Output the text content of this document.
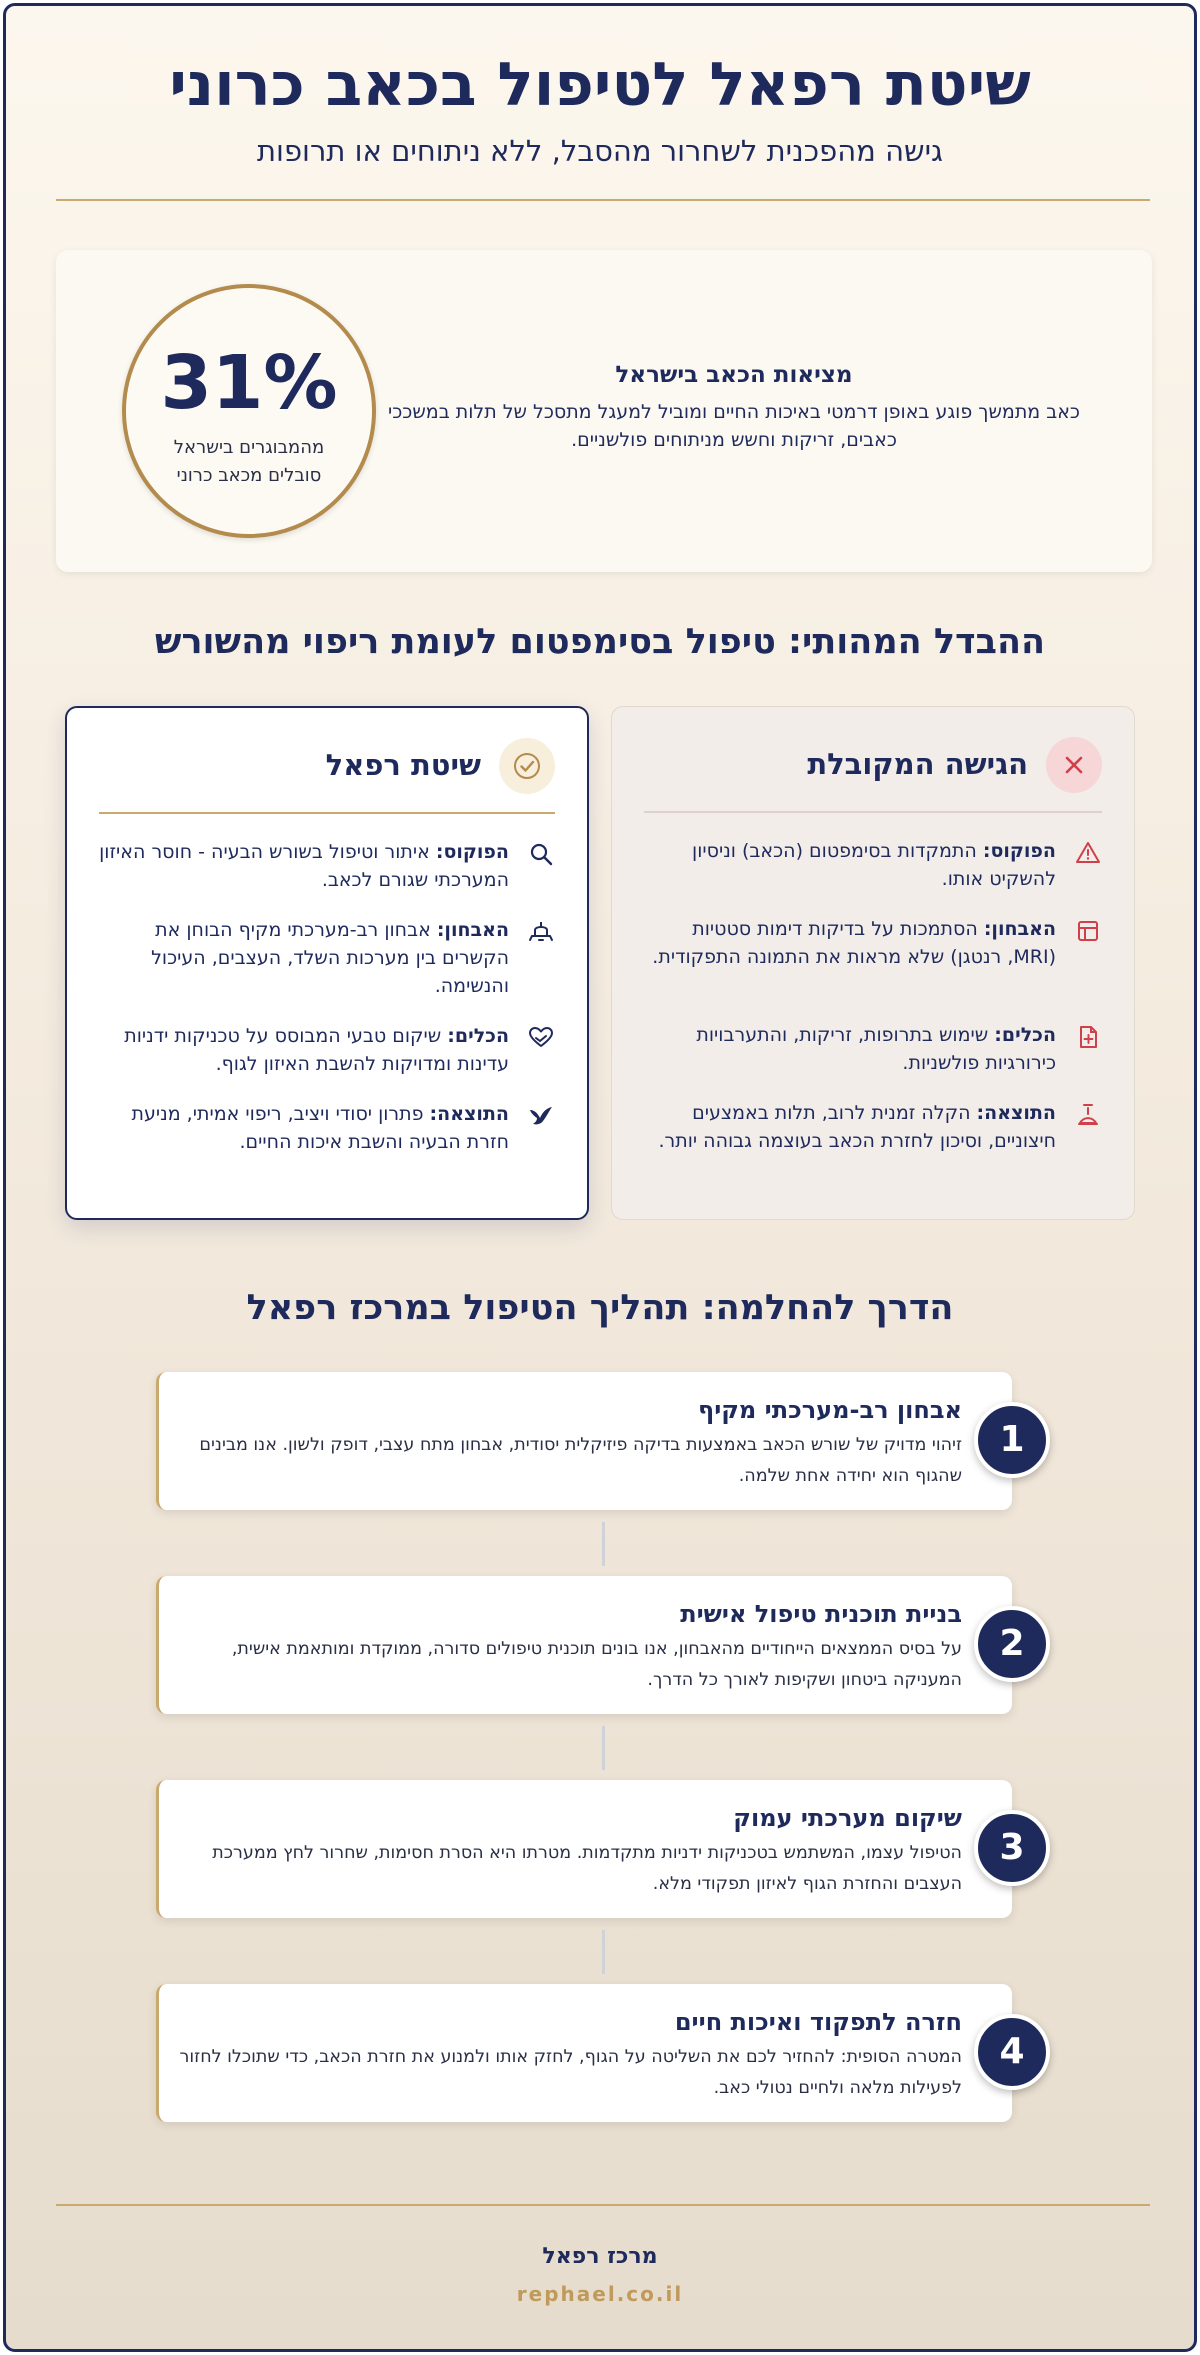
שיטת רפאל לטיפול בכאב כרוני
גישה מהפכנית לשחרור מהסבל, ללא ניתוחים או תרופות
31%
מהמבוגרים בישראל סובלים מכאב כרוני
מציאות הכאב בישראל
כאב מתמשך פוגע באופן דרמטי באיכות החיים ומוביל למעגל מתסכל של תלות במשככי כאבים, זריקות וחשש מניתוחים פולשניים.
ההבדל המהותי: טיפול בסימפטום לעומת ריפוי מהשורש
הגישה המקובלת
הפוקוס: התמקדות בסימפטום (הכאב) וניסיון להשקיט אותו.
האבחון: הסתמכות על בדיקות דימות סטטיות (MRI, רנטגן) שלא מראות את התמונה התפקודית.
הכלים: שימוש בתרופות, זריקות, והתערבויות כירורגיות פולשניות.
התוצאה: הקלה זמנית לרוב, תלות באמצעים חיצוניים, וסיכון לחזרת הכאב בעוצמה גבוהה יותר.
שיטת רפאל
הפוקוס: איתור וטיפול בשורש הבעיה - חוסר האיזון המערכתי שגורם לכאב.
האבחון: אבחון רב-מערכתי מקיף הבוחן את הקשרים בין מערכות השלד, העצבים, העיכול והנשימה.
הכלים: שיקום טבעי המבוסס על טכניקות ידניות עדינות ומדויקות להשבת האיזון לגוף.
התוצאה: פתרון יסודי ויציב, ריפוי אמיתי, מניעת חזרת הבעיה והשבת איכות החיים.
הדרך להחלמה: תהליך הטיפול במרכז רפאל
אבחון רב-מערכתי מקיף
זיהוי מדויק של שורש הכאב באמצעות בדיקה פיזיקלית יסודית, אבחון מתח עצבי, דופק ולשון. אנו מבינים שהגוף הוא יחידה אחת שלמה.
1
בניית תוכנית טיפול אישית
על בסיס הממצאים הייחודיים מהאבחון, אנו בונים תוכנית טיפולים סדורה, ממוקדת ומותאמת אישית, המעניקה ביטחון ושקיפות לאורך כל הדרך.
2
שיקום מערכתי עמוק
הטיפול עצמו, המשתמש בטכניקות ידניות מתקדמות. מטרתו היא הסרת חסימות, שחרור לחץ ממערכת העצבים והחזרת הגוף לאיזון תפקודי מלא.
3
חזרה לתפקוד ואיכות חיים
המטרה הסופית: להחזיר לכם את השליטה על הגוף, לחזק אותו ולמנוע את חזרת הכאב, כדי שתוכלו לחזור לפעילות מלאה ולחיים נטולי כאב.
4
מרכז רפאל
rephael.co.il
